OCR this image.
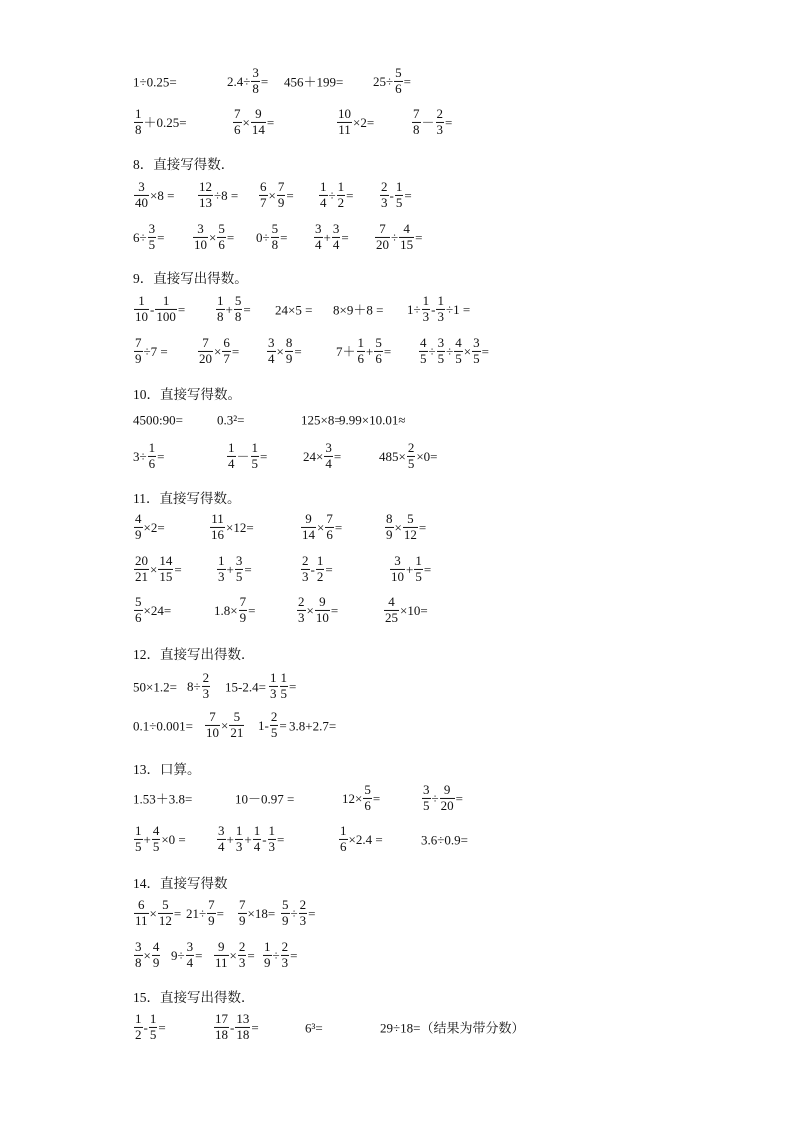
1÷0.25=	$2.4\div \frac{3}{8} = 456+199= 25\div \frac{5}{6}$ =
$\frac{1}{8} +0.25=$	$\frac{7}{6} \times \frac{9}{14}$ =	$\frac{10}{11} \times 2=$	$\frac{7}{8} - \frac{2}{3}$ =
8．直接写得数．
$\frac{3}{40} \times 8 = \frac{12}{13} \div 8 = \frac{6}{7} \times \frac{7}{9} = \frac{1}{4} \div \frac{1}{2} = \frac{2}{3} - \frac{1}{5}$ =
$6\div \frac{3}{5} = \frac{3}{10} \times \frac{5}{6} = 0\div \frac{5}{8} = \frac{3}{4} + \frac{3}{4} = \frac{7}{20} \div \frac{4}{15}$ =
9．直接写出得数。
$\frac{1}{10} - \frac{1}{100} = \frac{1}{8} + \frac{5}{8} = 24\times 5 = 8\times 9+8 = 1\div \frac{1}{3} - \frac{1}{3} \div 1$ =
$\frac{7}{9} \div 7 = \frac{7}{20} \times \frac{6}{7} = \frac{3}{4} \times \frac{8}{9}$ =	$7+ \frac{1}{6} + \frac{5}{6} = \frac{4}{5} \div \frac{3}{5} \div \frac{4}{5} \times \frac{3}{5}$ =
10．直接写得数。
4500:90=	0.3²=	125×8=
9.99×10.01≈
$3\div \frac{1}{6}$ =	$\frac{1}{4} - \frac{1}{5}$ =	$24\times \frac{3}{4}$ =	$485\times \frac{2}{5} \times 0=$
11．直接写得数。
$\frac{4}{9} \times 2=$	$\frac{11}{16} \times 12=$	$\frac{9}{14} \times \frac{7}{6}$ =	$\frac{8}{9} \times \frac{5}{12}$ =
$\frac{20}{21} \times \frac{14}{15}$ =	$\frac{1}{3} + \frac{3}{5}$ =	$\frac{2}{3} - \frac{1}{2}$ =	$\frac{3}{10} + \frac{1}{5}$ =
$\frac{5}{6} \times 24=$	$1.8\times \frac{7}{9}$ =	$\frac{2}{3} \times \frac{9}{10}$ =	$\frac{4}{25} \times 10=$
12．直接写出得数．
$50\times 1.2= 8\div \frac{2}{3} 15-2.4= \frac{1}{3} \frac{1}{5}$ =
$0.1\div 0.001= \frac{7}{10} \times \frac{5}{21} 1- \frac{2}{5} = 3.8+2.7=$
13．口算。
1.53＋3.8=	10－0.97 =	$12\times \frac{5}{6}$ =	$\frac{3}{5} \div \frac{9}{20}$ =
$\frac{1}{5} + \frac{4}{5} \times 0 = \frac{3}{4} + \frac{1}{3} + \frac{1}{4} - \frac{1}{3}$ =	$\frac{1}{6} \times 2.4$ =	3.6÷0.9=
14．直接写得数
$\frac{6}{11} \times \frac{5}{12} = 21\div \frac{7}{9} = \frac{7}{9} \times 18= \frac{5}{9} \div \frac{2}{3}$ =
$\frac{3}{8} \times \frac{4}{9} 9\div \frac{3}{4} = \frac{9}{11} \times \frac{2}{3} = \frac{1}{9} \div \frac{2}{3}$ =
15．直接写出得数．
$\frac{1}{2} - \frac{1}{5}$ =	$\frac{17}{18} - \frac{13}{18}$ =	6³=	29÷18=（结果为带分数）
